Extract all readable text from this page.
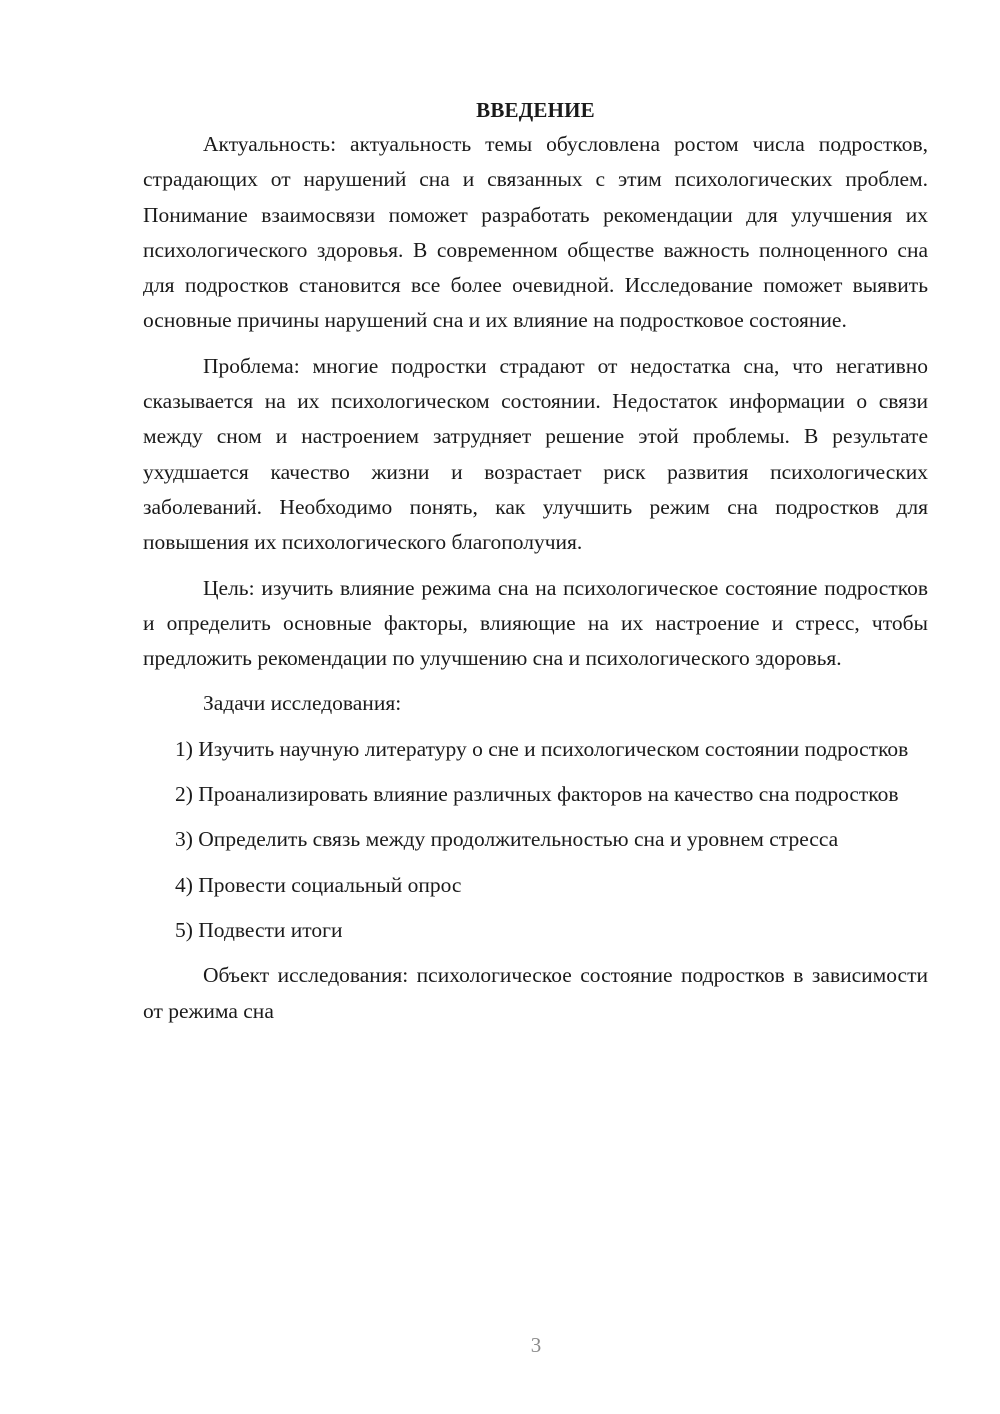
ВВЕДЕНИЕ

Актуальность: актуальность темы обусловлена ростом числа подростков, страдающих от нарушений сна и связанных с этим психологических проблем. Понимание взаимосвязи поможет разработать рекомендации для улучшения их психологического здоровья. В современном обществе важность полноценного сна для подростков становится все более очевидной. Исследование поможет выявить основные причины нарушений сна и их влияние на подростковое состояние.

Проблема: многие подростки страдают от недостатка сна, что негативно сказывается на их психологическом состоянии. Недостаток информации о связи между сном и настроением затрудняет решение этой проблемы. В результате ухудшается качество жизни и возрастает риск развития психологических заболеваний. Необходимо понять, как улучшить режим сна подростков для повышения их психологического благополучия.

Цель: изучить влияние режима сна на психологическое состояние подростков и определить основные факторы, влияющие на их настроение и стресс, чтобы предложить рекомендации по улучшению сна и психологического здоровья.

Задачи исследования:

1) Изучить научную литературу о сне и психологическом состоянии подростков

2) Проанализировать влияние различных факторов на качество сна подростков

3) Определить связь между продолжительностью сна и уровнем стресса

4) Провести социальный опрос

5) Подвести итоги

Объект исследования: психологическое состояние подростков в зависимости от режима сна

3
